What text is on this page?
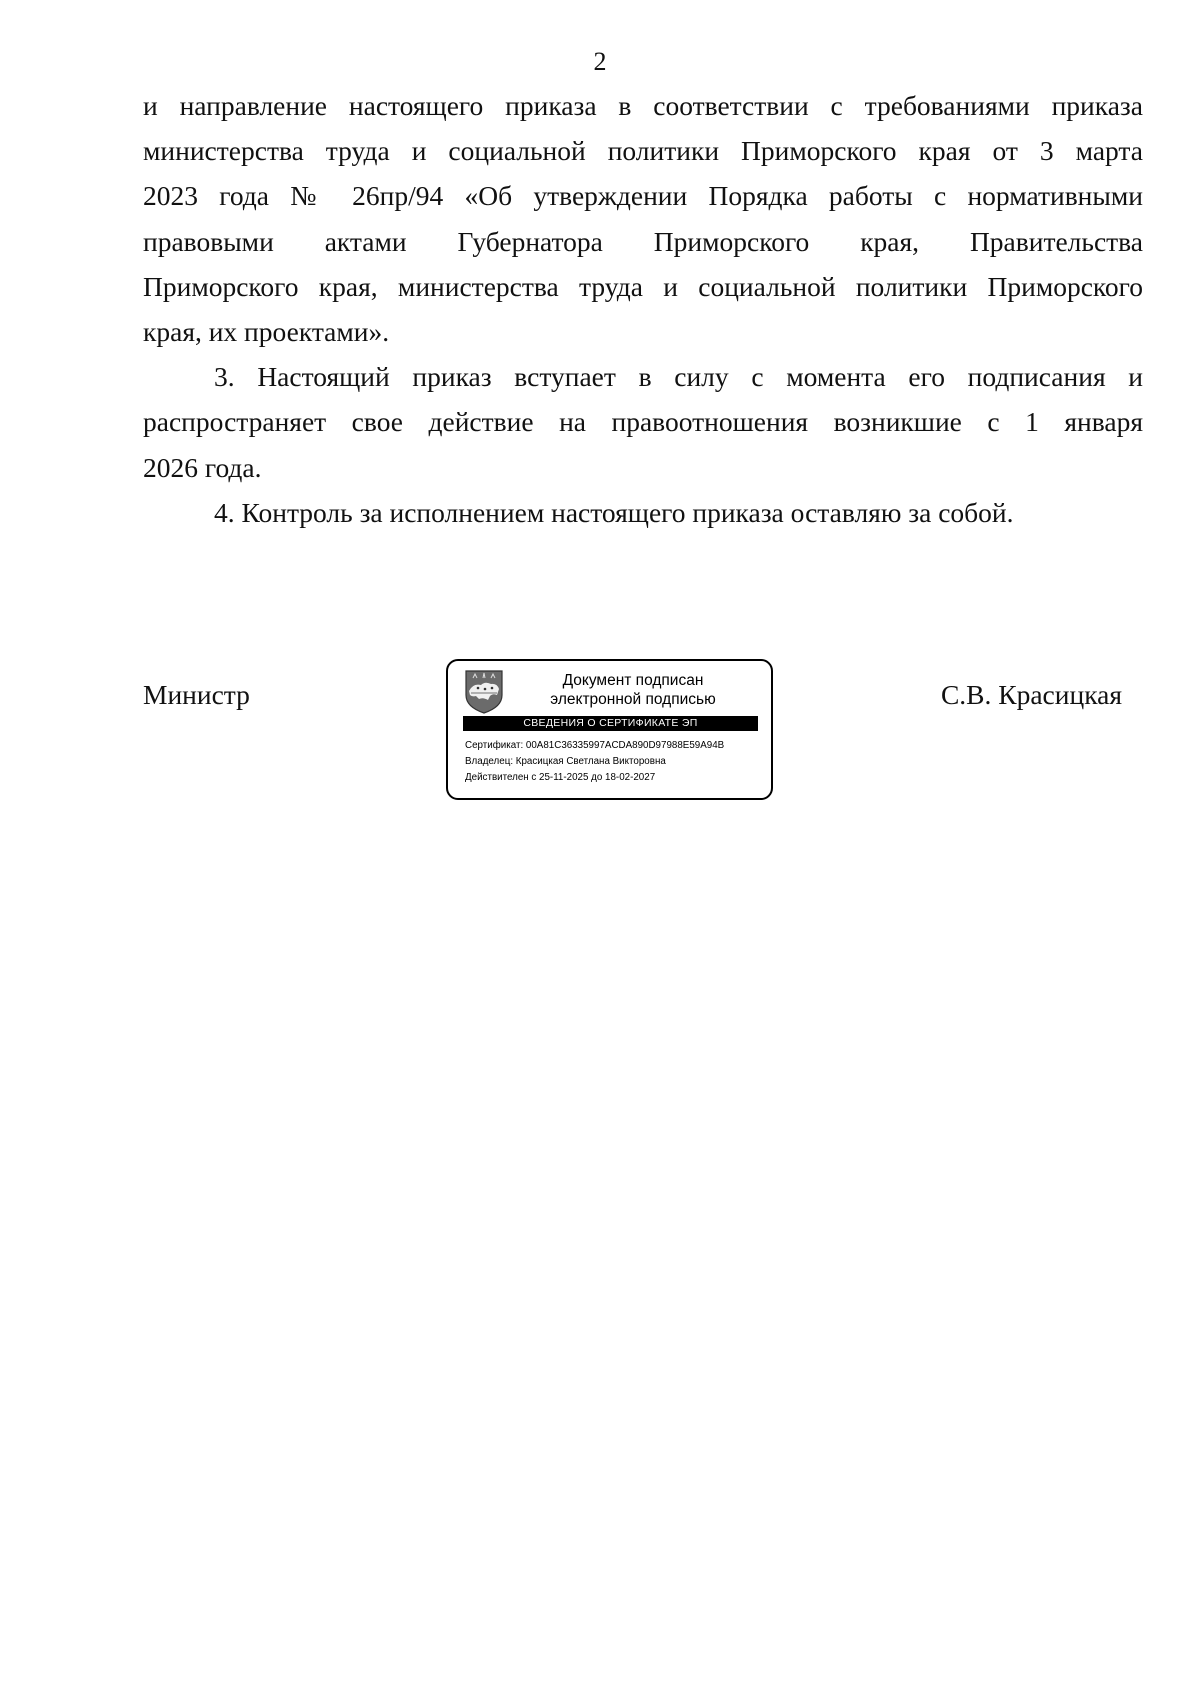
2
и направление настоящего приказа в соответствии с требованиями приказа
министерства труда и социальной политики Приморского края от 3 марта
2023 года № 26пр/94 «Об утверждении Порядка работы с нормативными
правовыми актами Губернатора Приморского края, Правительства
Приморского края, министерства труда и социальной политики Приморского
края, их проектами».
3. Настоящий приказ вступает в силу с момента его подписания и
распространяет свое действие на правоотношения возникшие с 1 января
2026 года.
4. Контроль за исполнением настоящего приказа оставляю за собой.
Министр	С.В. Красицкая
Документ подписан
электронной подписью
СВЕДЕНИЯ О СЕРТИФИКАТЕ ЭП
Сертификат: 00A81C36335997ACDA890D97988E59A94B
Владелец: Красицкая Светлана Викторовна
Действителен с 25-11-2025 до 18-02-2027
